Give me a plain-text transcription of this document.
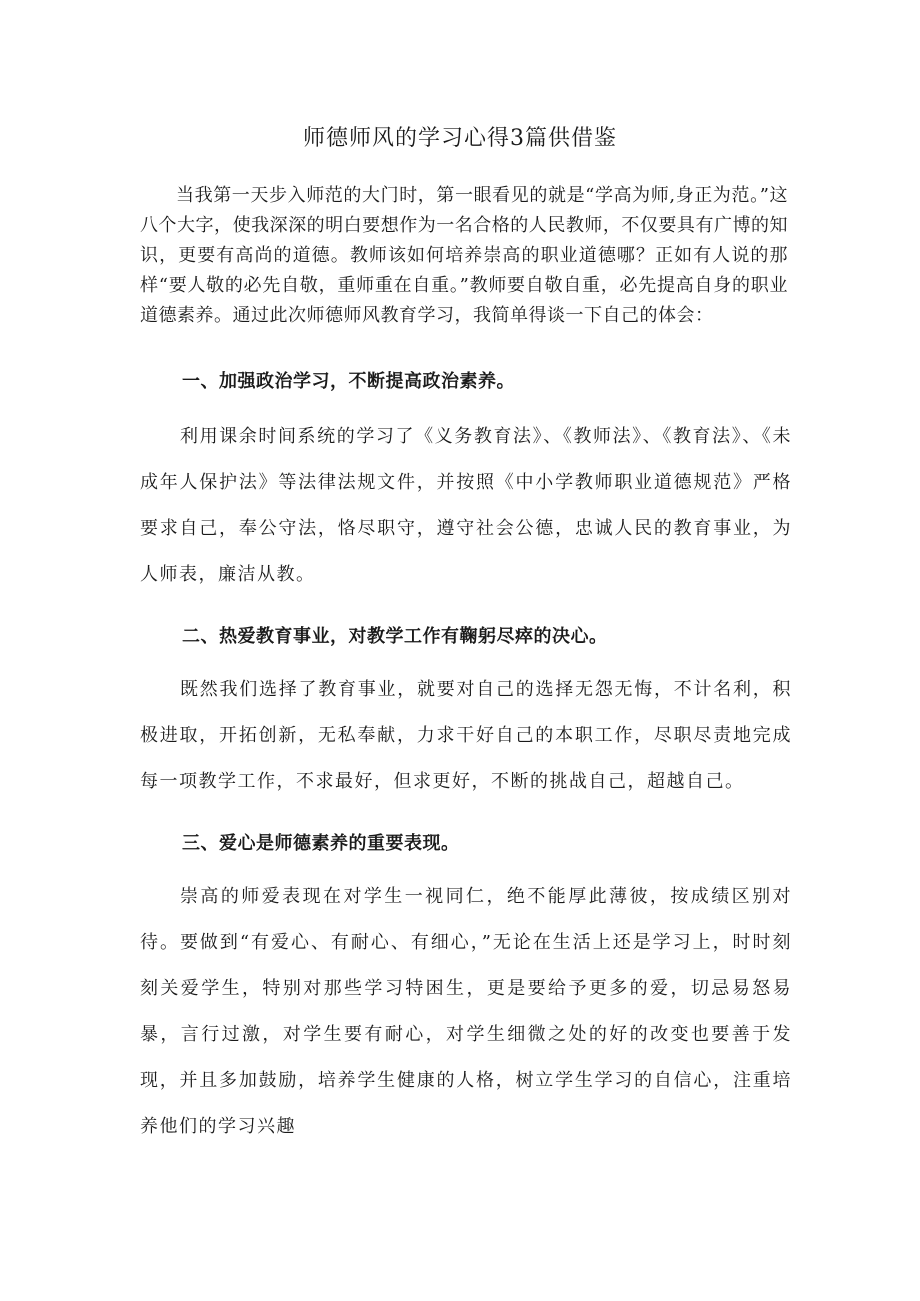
师德师风的学习心得3篇供借鉴

当我第一天步入师范的大门时，第一眼看见的就是“学高为师,身正为范。”这八个大字，使我深深的明白要想作为一名合格的人民教师，不仅要具有广博的知识，更要有高尚的道德。教师该如何培养崇高的职业道德哪？正如有人说的那样“要人敬的必先自敬，重师重在自重。”教师要自敬自重，必先提高自身的职业道德素养。通过此次师德师风教育学习，我简单得谈一下自己的体会：

一、加强政治学习，不断提高政治素养。

利用课余时间系统的学习了《义务教育法》、《教师法》、《教育法》、《未成年人保护法》等法律法规文件，并按照《中小学教师职业道德规范》严格要求自己，奉公守法，恪尽职守，遵守社会公德，忠诚人民的教育事业，为人师表，廉洁从教。

二、热爱教育事业，对教学工作有鞠躬尽瘁的决心。

既然我们选择了教育事业，就要对自己的选择无怨无悔，不计名利，积极进取，开拓创新，无私奉献，力求干好自己的本职工作，尽职尽责地完成每一项教学工作，不求最好，但求更好，不断的挑战自己，超越自己。

三、爱心是师德素养的重要表现。

崇高的师爱表现在对学生一视同仁，绝不能厚此薄彼，按成绩区别对待。要做到“有爱心、有耐心、有细心，”无论在生活上还是学习上，时时刻刻关爱学生，特别对那些学习特困生，更是要给予更多的爱，切忌易怒易暴，言行过激，对学生要有耐心，对学生细微之处的好的改变也要善于发现，并且多加鼓励，培养学生健康的人格，树立学生学习的自信心，注重培养他们的学习兴趣
